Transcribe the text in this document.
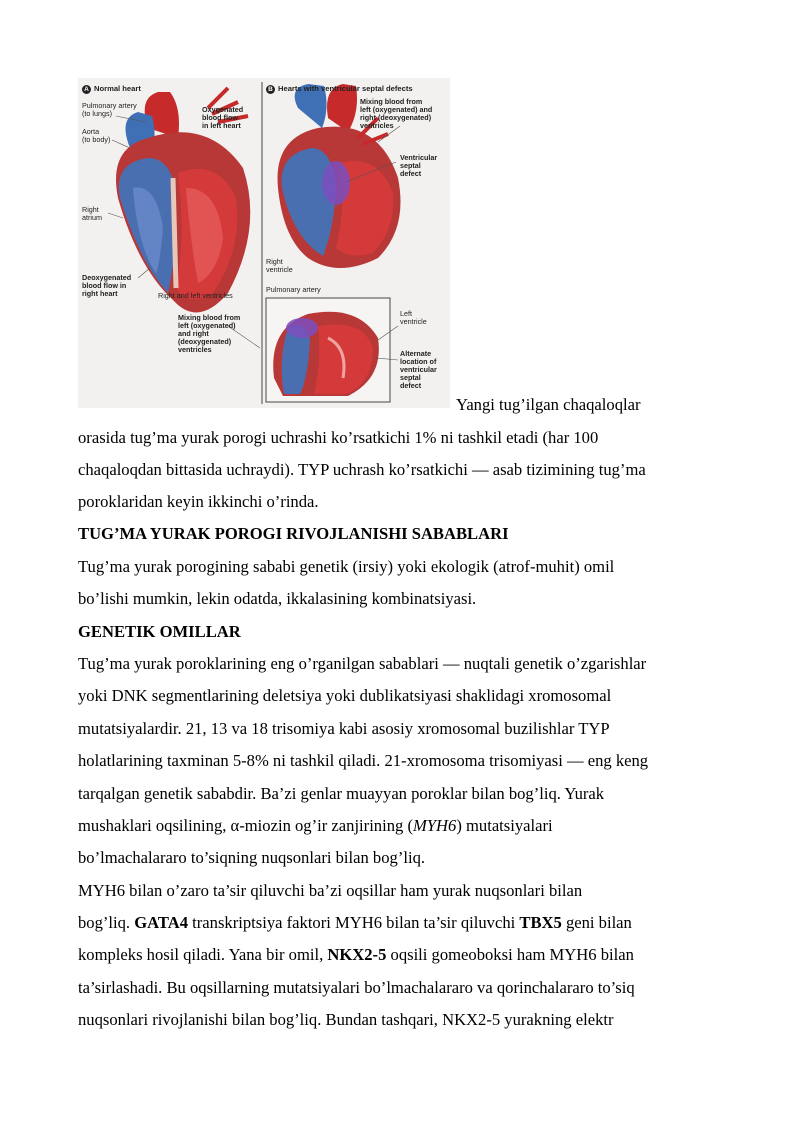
A Normal heart	B Hearts with ventricular septal defects
Pulmonary artery
(to lungs)
Aorta
(to body)
Oxygenated
blood flow
in left heart
Right
atrium
Deoxygenated
blood flow in
right heart	Right and left ventricles
Mixing blood from
left (oxygenated) and
right (deoxygenated)
ventricles
Ventricular
septal
defect
Right
ventricle
Pulmonary artery
Mixing blood from
left (oxygenated)
and right
(deoxygenated)
ventricles
Left
ventricle
Alternate
location of
ventricular
septal
defect
Yangi tug’ilgan chaqaloqlar
orasida tug’ma yurak porogi uchrashi ko’rsatkichi 1% ni tashkil etadi (har 100
chaqaloqdan bittasida uchraydi). TYP uchrash ko’rsatkichi — asab tizimining tug’ma
poroklaridan keyin ikkinchi o’rinda.
TUG’MA YURAK POROGI RIVOJLANISHI SABABLARI
Tug’ma yurak porogining sababi genetik (irsiy) yoki ekologik (atrof-muhit) omil
bo’lishi mumkin, lekin odatda, ikkalasining kombinatsiyasi.
GENETIK OMILLAR
Tug’ma yurak poroklarining eng o’rganilgan sabablari — nuqtali genetik o’zgarishlar
yoki DNK segmentlarining deletsiya yoki dublikatsiyasi shaklidagi xromosomal
mutatsiyalardir. 21, 13 va 18 trisomiya kabi asosiy xromosomal buzilishlar TYP
holatlarining taxminan 5-8% ni tashkil qiladi. 21-xromosoma trisomiyasi — eng keng
tarqalgan genetik sababdir. Ba’zi genlar muayyan poroklar bilan bog’liq. Yurak
mushaklari oqsilining, α-miozin og’ir zanjirining (MYH6) mutatsiyalari
bo’lmachalararo to’siqning nuqsonlari bilan bog’liq.
MYH6 bilan o’zaro ta’sir qiluvchi ba’zi oqsillar ham yurak nuqsonlari bilan
bog’liq. GATA4 transkriptsiya faktori MYH6 bilan ta’sir qiluvchi TBX5 geni bilan
kompleks hosil qiladi. Yana bir omil, NKX2-5 oqsili gomeoboksi ham MYH6 bilan
ta’sirlashadi. Bu oqsillarning mutatsiyalari bo’lmachalararo va qorinchalararo to’siq
nuqsonlari rivojlanishi bilan bog’liq. Bundan tashqari, NKX2-5 yurakning elektr
